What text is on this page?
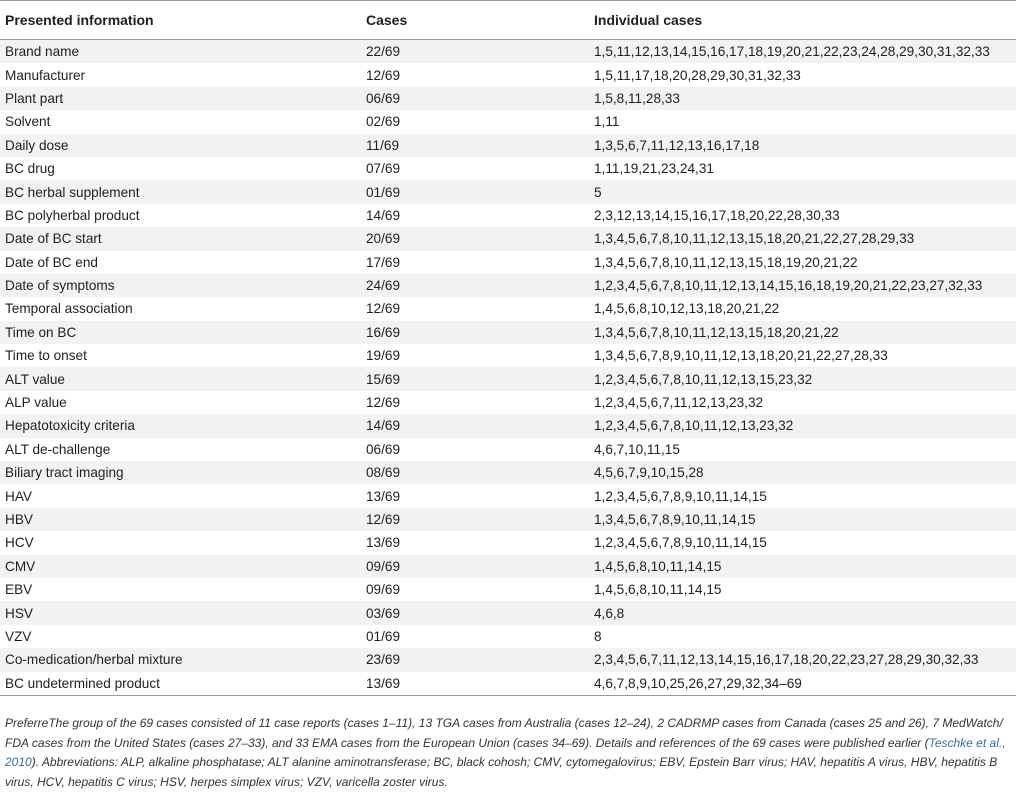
Presented information	Cases	Individual cases
Brand name	22/69	1,5,11,12,13,14,15,16,17,18,19,20,21,22,23,24,28,29,30,31,32,33
Manufacturer	12/69	1,5,11,17,18,20,28,29,30,31,32,33
Plant part	06/69	1,5,8,11,28,33
Solvent	02/69	1,11
Daily dose	11/69	1,3,5,6,7,11,12,13,16,17,18
BC drug	07/69	1,11,19,21,23,24,31
BC herbal supplement	01/69	5
BC polyherbal product	14/69	2,3,12,13,14,15,16,17,18,20,22,28,30,33
Date of BC start	20/69	1,3,4,5,6,7,8,10,11,12,13,15,18,20,21,22,27,28,29,33
Date of BC end	17/69	1,3,4,5,6,7,8,10,11,12,13,15,18,19,20,21,22
Date of symptoms	24/69	1,2,3,4,5,6,7,8,10,11,12,13,14,15,16,18,19,20,21,22,23,27,32,33
Temporal association	12/69	1,4,5,6,8,10,12,13,18,20,21,22
Time on BC	16/69	1,3,4,5,6,7,8,10,11,12,13,15,18,20,21,22
Time to onset	19/69	1,3,4,5,6,7,8,9,10,11,12,13,18,20,21,22,27,28,33
ALT value	15/69	1,2,3,4,5,6,7,8,10,11,12,13,15,23,32
ALP value	12/69	1,2,3,4,5,6,7,11,12,13,23,32
Hepatotoxicity criteria	14/69	1,2,3,4,5,6,7,8,10,11,12,13,23,32
ALT de-challenge	06/69	4,6,7,10,11,15
Biliary tract imaging	08/69	4,5,6,7,9,10,15,28
HAV	13/69	1,2,3,4,5,6,7,8,9,10,11,14,15
HBV	12/69	1,3,4,5,6,7,8,9,10,11,14,15
HCV	13/69	1,2,3,4,5,6,7,8,9,10,11,14,15
CMV	09/69	1,4,5,6,8,10,11,14,15
EBV	09/69	1,4,5,6,8,10,11,14,15
HSV	03/69	4,6,8
VZV	01/69	8
Co-medication/herbal mixture	23/69	2,3,4,5,6,7,11,12,13,14,15,16,17,18,20,22,23,27,28,29,30,32,33
BC undetermined product	13/69	4,6,7,8,9,10,25,26,27,29,32,34–69
PreferreThe group of the 69 cases consisted of 11 case reports (cases 1–11), 13 TGA cases from Australia (cases 12–24), 2 CADRMP cases from Canada (cases 25 and 26), 7 MedWatch/ FDA cases from the United States (cases 27–33), and 33 EMA cases from the European Union (cases 34–69). Details and references of the 69 cases were published earlier (Teschke et al., 2010). Abbreviations: ALP, alkaline phosphatase; ALT alanine aminotransferase; BC, black cohosh; CMV, cytomegalovirus; EBV, Epstein Barr virus; HAV, hepatitis A virus, HBV, hepatitis B virus, HCV, hepatitis C virus; HSV, herpes simplex virus; VZV, varicella zoster virus.
